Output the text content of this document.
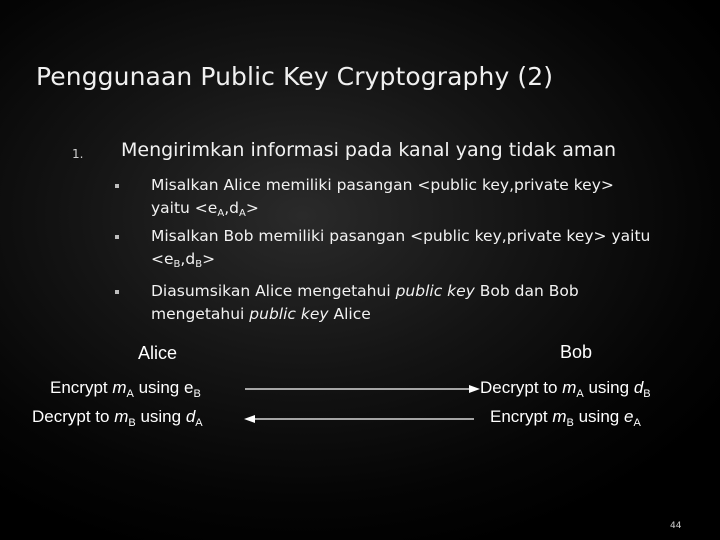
Penggunaan Public Key Cryptography (2)
1. Mengirimkan informasi pada kanal yang tidak aman
Misalkan Alice memiliki pasangan <public key,private key>
yaitu $<e_A,d_A>$
Misalkan Bob memiliki pasangan <public key,private key> yaitu
$<e_B,d_B>$
Diasumsikan Alice mengetahui public key Bob dan Bob
mengetahui public key Alice
Alice	Bob
Encrypt $m_A$ using $e_B$
Decrypt to $m_B$ using $d_A$
Decrypt to $m_A$ using $d_B$
Encrypt $m_B$ using $e_A$
44
